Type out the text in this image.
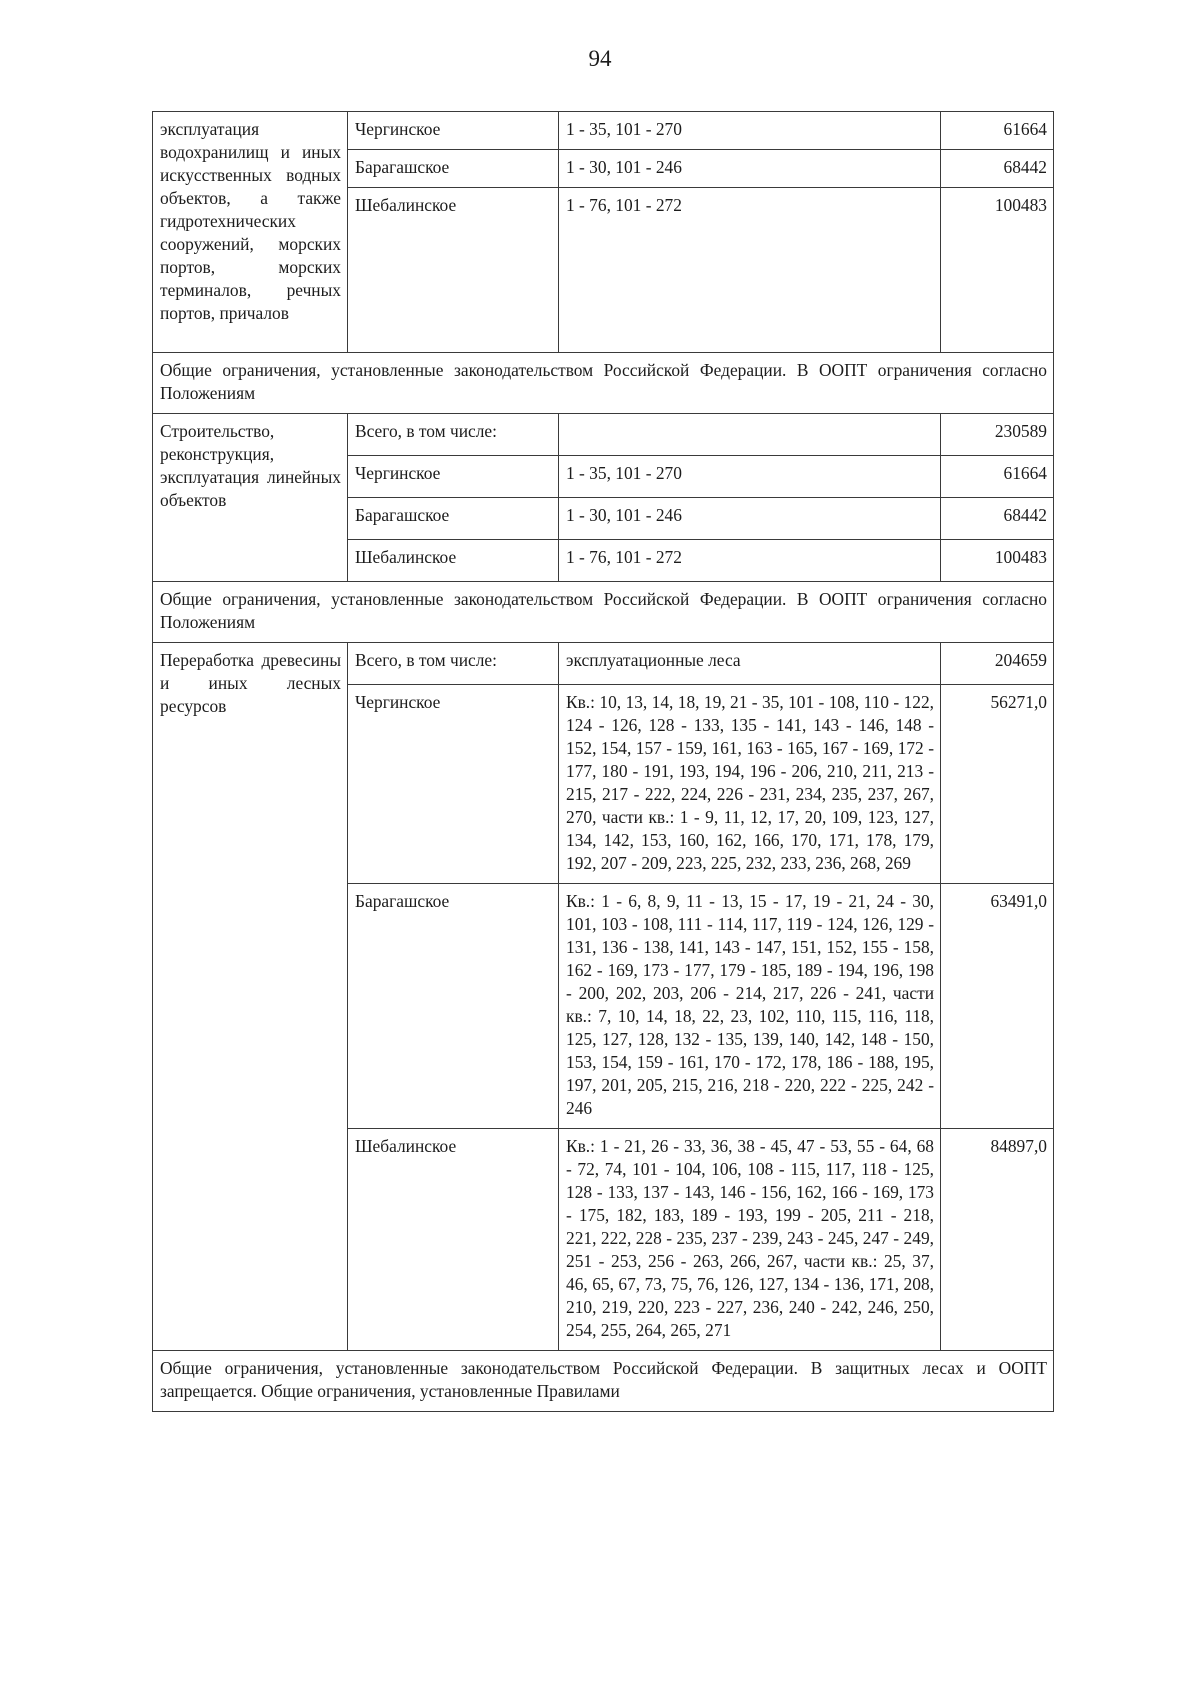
94
эксплуатация водохранилищ и иных искусственных водных объектов, а также гидротехнических сооружений, морских портов, морских терминалов, речных портов, причалов	Чергинское	1 - 35, 101 - 270	61664
	Барагашское	1 - 30, 101 - 246	68442
	Шебалинское	1 - 76, 101 - 272	100483
Общие ограничения, установленные законодательством Российской Федерации. В ООПТ ограничения согласно Положениям			
Строительство, реконструкция, эксплуатация линейных объектов	Всего, в том числе:		230589
	Чергинское	1 - 35, 101 - 270	61664
	Барагашское	1 - 30, 101 - 246	68442
	Шебалинское	1 - 76, 101 - 272	100483
Общие ограничения, установленные законодательством Российской Федерации. В ООПТ ограничения согласно Положениям			
Переработка древесины и иных лесных ресурсов	Всего, в том числе:	эксплуатационные леса	204659
	Чергинское	Кв.: 10, 13, 14, 18, 19, 21 - 35, 101 - 108, 110 - 122, 124 - 126, 128 - 133, 135 - 141, 143 - 146, 148 - 152, 154, 157 - 159, 161, 163 - 165, 167 - 169, 172 - 177, 180 - 191, 193, 194, 196 - 206, 210, 211, 213 - 215, 217 - 222, 224, 226 - 231, 234, 235, 237, 267, 270, части кв.: 1 - 9, 11, 12, 17, 20, 109, 123, 127, 134, 142, 153, 160, 162, 166, 170, 171, 178, 179, 192, 207 - 209, 223, 225, 232, 233, 236, 268, 269	56271,0
	Барагашское	Кв.: 1 - 6, 8, 9, 11 - 13, 15 - 17, 19 - 21, 24 - 30, 101, 103 - 108, 111 - 114, 117, 119 - 124, 126, 129 - 131, 136 - 138, 141, 143 - 147, 151, 152, 155 - 158, 162 - 169, 173 - 177, 179 - 185, 189 - 194, 196, 198 - 200, 202, 203, 206 - 214, 217, 226 - 241, части кв.: 7, 10, 14, 18, 22, 23, 102, 110, 115, 116, 118, 125, 127, 128, 132 - 135, 139, 140, 142, 148 - 150, 153, 154, 159 - 161, 170 - 172, 178, 186 - 188, 195, 197, 201, 205, 215, 216, 218 - 220, 222 - 225, 242 - 246	63491,0
	Шебалинское	Кв.: 1 - 21, 26 - 33, 36, 38 - 45, 47 - 53, 55 - 64, 68 - 72, 74, 101 - 104, 106, 108 - 115, 117, 118 - 125, 128 - 133, 137 - 143, 146 - 156, 162, 166 - 169, 173 - 175, 182, 183, 189 - 193, 199 - 205, 211 - 218, 221, 222, 228 - 235, 237 - 239, 243 - 245, 247 - 249, 251 - 253, 256 - 263, 266, 267, части кв.: 25, 37, 46, 65, 67, 73, 75, 76, 126, 127, 134 - 136, 171, 208, 210, 219, 220, 223 - 227, 236, 240 - 242, 246, 250, 254, 255, 264, 265, 271	84897,0
Общие ограничения, установленные законодательством Российской Федерации. В защитных лесах и ООПТ запрещается. Общие ограничения, установленные Правилами			
